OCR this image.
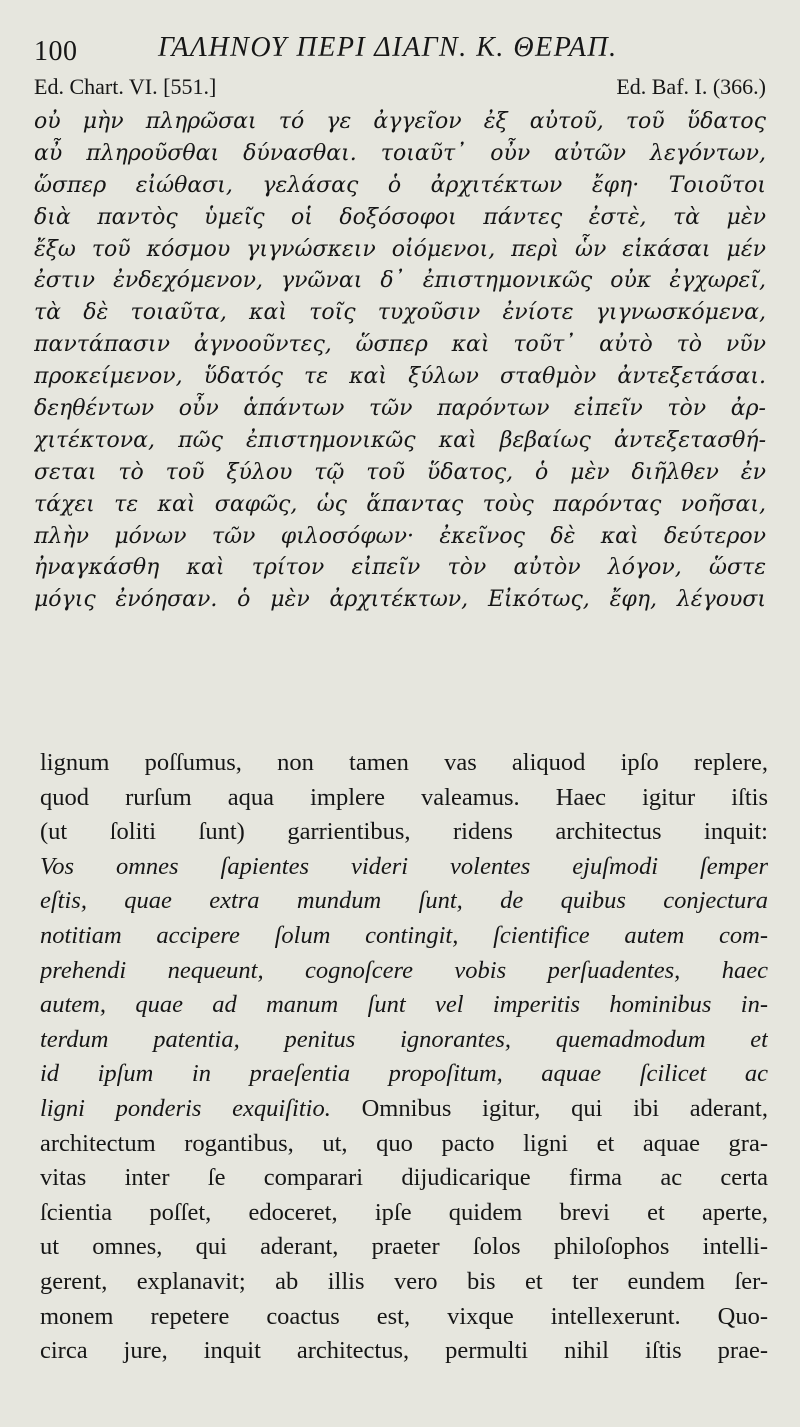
100	ΓΑΛΗΝΟΥ ΠΕΡΙ ΔΙΑΓΝ. Κ. ΘΕΡΑΠ.
Ed. Chart. VI. [551.]	Ed. Baf. I. (366.)
οὐ μὴν πληρῶσαι τό γε ἀγγεῖον ἐξ αὐτοῦ, τοῦ ὕδατος
αὖ πληροῦσθαι δύνασθαι. τοιαῦτ᾽ οὖν αὐτῶν λεγόντων,
ὥσπερ εἰώθασι, γελάσας ὁ ἀρχιτέκτων ἔφη· Τοιοῦτοι
διὰ παντὸς ὑμεῖς οἱ δοξόσοφοι πάντες ἐστὲ, τὰ μὲν
ἔξω τοῦ κόσμου γιγνώσκειν οἰόμενοι, περὶ ὧν εἰκάσαι μέν
ἐστιν ἐνδεχόμενον, γνῶναι δ᾽ ἐπιστημονικῶς οὐκ ἐγχωρεῖ,
τὰ δὲ τοιαῦτα, καὶ τοῖς τυχοῦσιν ἐνίοτε γιγνωσκόμενα,
παντάπασιν ἀγνοοῦντες, ὥσπερ καὶ τοῦτ᾽ αὐτὸ τὸ νῦν
προκείμενον, ὕδατός τε καὶ ξύλων σταθμὸν ἀντεξετάσαι.
δεηθέντων οὖν ἁπάντων τῶν παρόντων εἰπεῖν τὸν ἀρ-
χιτέκτονα, πῶς ἐπιστημονικῶς καὶ βεβαίως ἀντεξετασθή-
σεται τὸ τοῦ ξύλου τῷ τοῦ ὕδατος, ὁ μὲν διῆλθεν ἐν
τάχει τε καὶ σαφῶς, ὡς ἅπαντας τοὺς παρόντας νοῆσαι,
πλὴν μόνων τῶν φιλοσόφων· ἐκεῖνος δὲ καὶ δεύτερον
ἠναγκάσθη καὶ τρίτον εἰπεῖν τὸν αὐτὸν λόγον, ὥστε
μόγις ἐνόησαν. ὁ μὲν ἀρχιτέκτων, Εἰκότως, ἔφη, λέγουσι
lignum poſſumus, non tamen vas aliquod ipſo replere,
quod rurſum aqua implere valeamus. Haec igitur iſtis
(ut ſoliti ſunt) garrientibus, ridens architectus inquit:
Vos omnes ſapientes videri volentes ejuſmodi ſemper
eſtis, quae extra mundum ſunt, de quibus conjectura
notitiam accipere ſolum contingit, ſcientifice autem com-
prehendi nequeunt, cognoſcere vobis perſuadentes, haec
autem, quae ad manum ſunt vel imperitis hominibus in-
terdum patentia, penitus ignorantes, quemadmodum et
id ipſum in praeſentia propoſitum, aquae ſcilicet ac
ligni ponderis exquiſitio. Omnibus igitur, qui ibi aderant,
architectum rogantibus, ut, quo pacto ligni et aquae gra-
vitas inter ſe comparari dijudicarique firma ac certa
ſcientia poſſet, edoceret, ipſe quidem brevi et aperte,
ut omnes, qui aderant, praeter ſolos philoſophos intelli-
gerent, explanavit; ab illis vero bis et ter eundem ſer-
monem repetere coactus est, vixque intellexerunt. Quo-
circa jure, inquit architectus, permulti nihil iſtis prae-
